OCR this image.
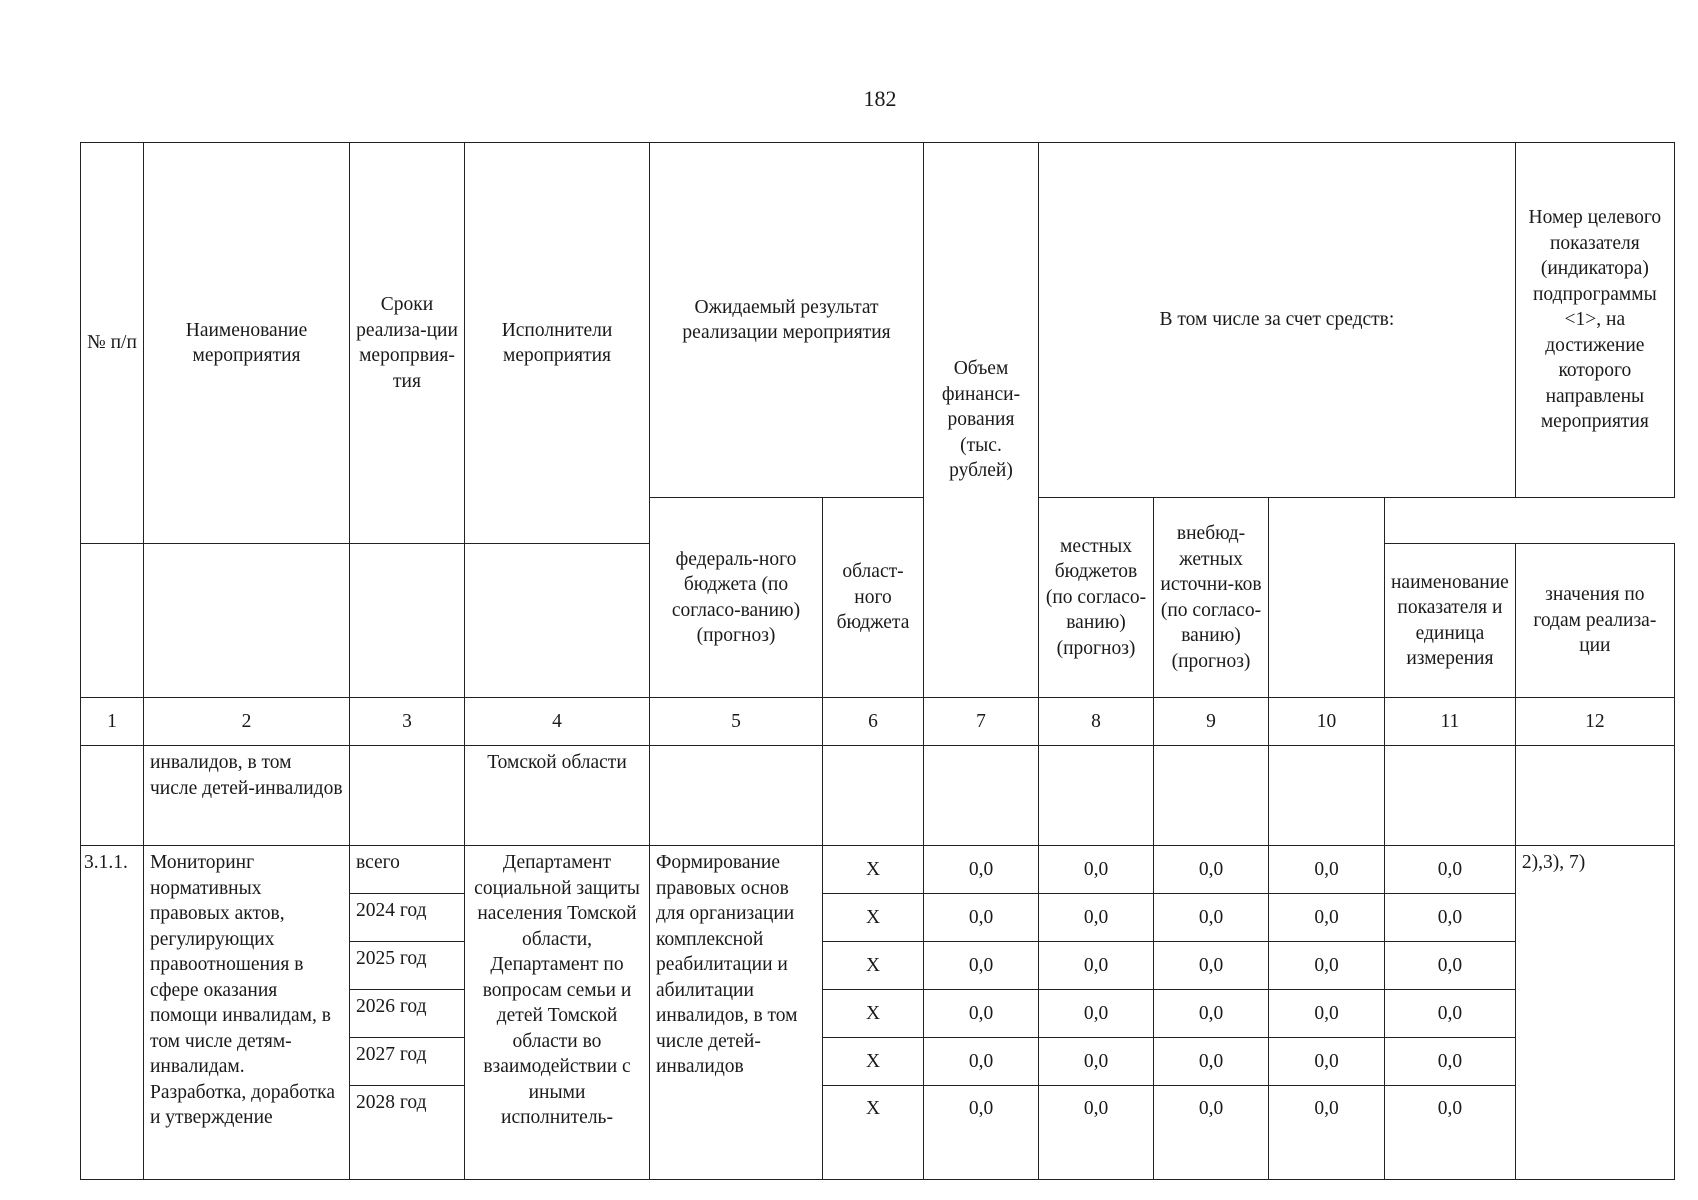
182
№ п/п	Наименование мероприятия	Сроки реализа-ции меропрвия-тия	Исполнители мероприятия	Ожидаемый результат реализации мероприятия		Объем финанси-рования (тыс. рублей)	В том числе за счет средств:				Номер целевого показателя (индикатора) подпрограммы <1>, на достижение которого направлены мероприятия
				федераль-ного бюджета (по согласо-ванию) (прогноз)	област-ного бюджета		местных бюджетов (по согласо-ванию) (прогноз)	внебюд-жетных источни-ков (по согласо-ванию) (прогноз)			
										наименование показателя и единица измерения	значения по годам реализа-ции
1	2	3	4	5	6	7	8	9	10	11	12
	инвалидов, в том числе детей-инвалидов		Томской области								
3.1.1.	Мониторинг нормативных правовых актов, регулирующих правоотношения в сфере оказания помощи инвалидам, в том числе детям-инвалидам. Разработка, доработка и утверждение	всего	Департамент социальной защиты населения Томской области, Департамент по вопросам семьи и детей Томской области во взаимодействии с иными исполнитель-	Формирование правовых основ для организации комплексной реабилитации и абилитации инвалидов, в том числе детей-инвалидов	X	0,0	0,0	0,0	0,0	0,0	2),3), 7)
		2024 год			X	0,0	0,0	0,0	0,0	0,0	
		2025 год			X	0,0	0,0	0,0	0,0	0,0	
		2026 год			X	0,0	0,0	0,0	0,0	0,0	
		2027 год			X	0,0	0,0	0,0	0,0	0,0	
		2028 год			X	0,0	0,0	0,0	0,0	0,0	
